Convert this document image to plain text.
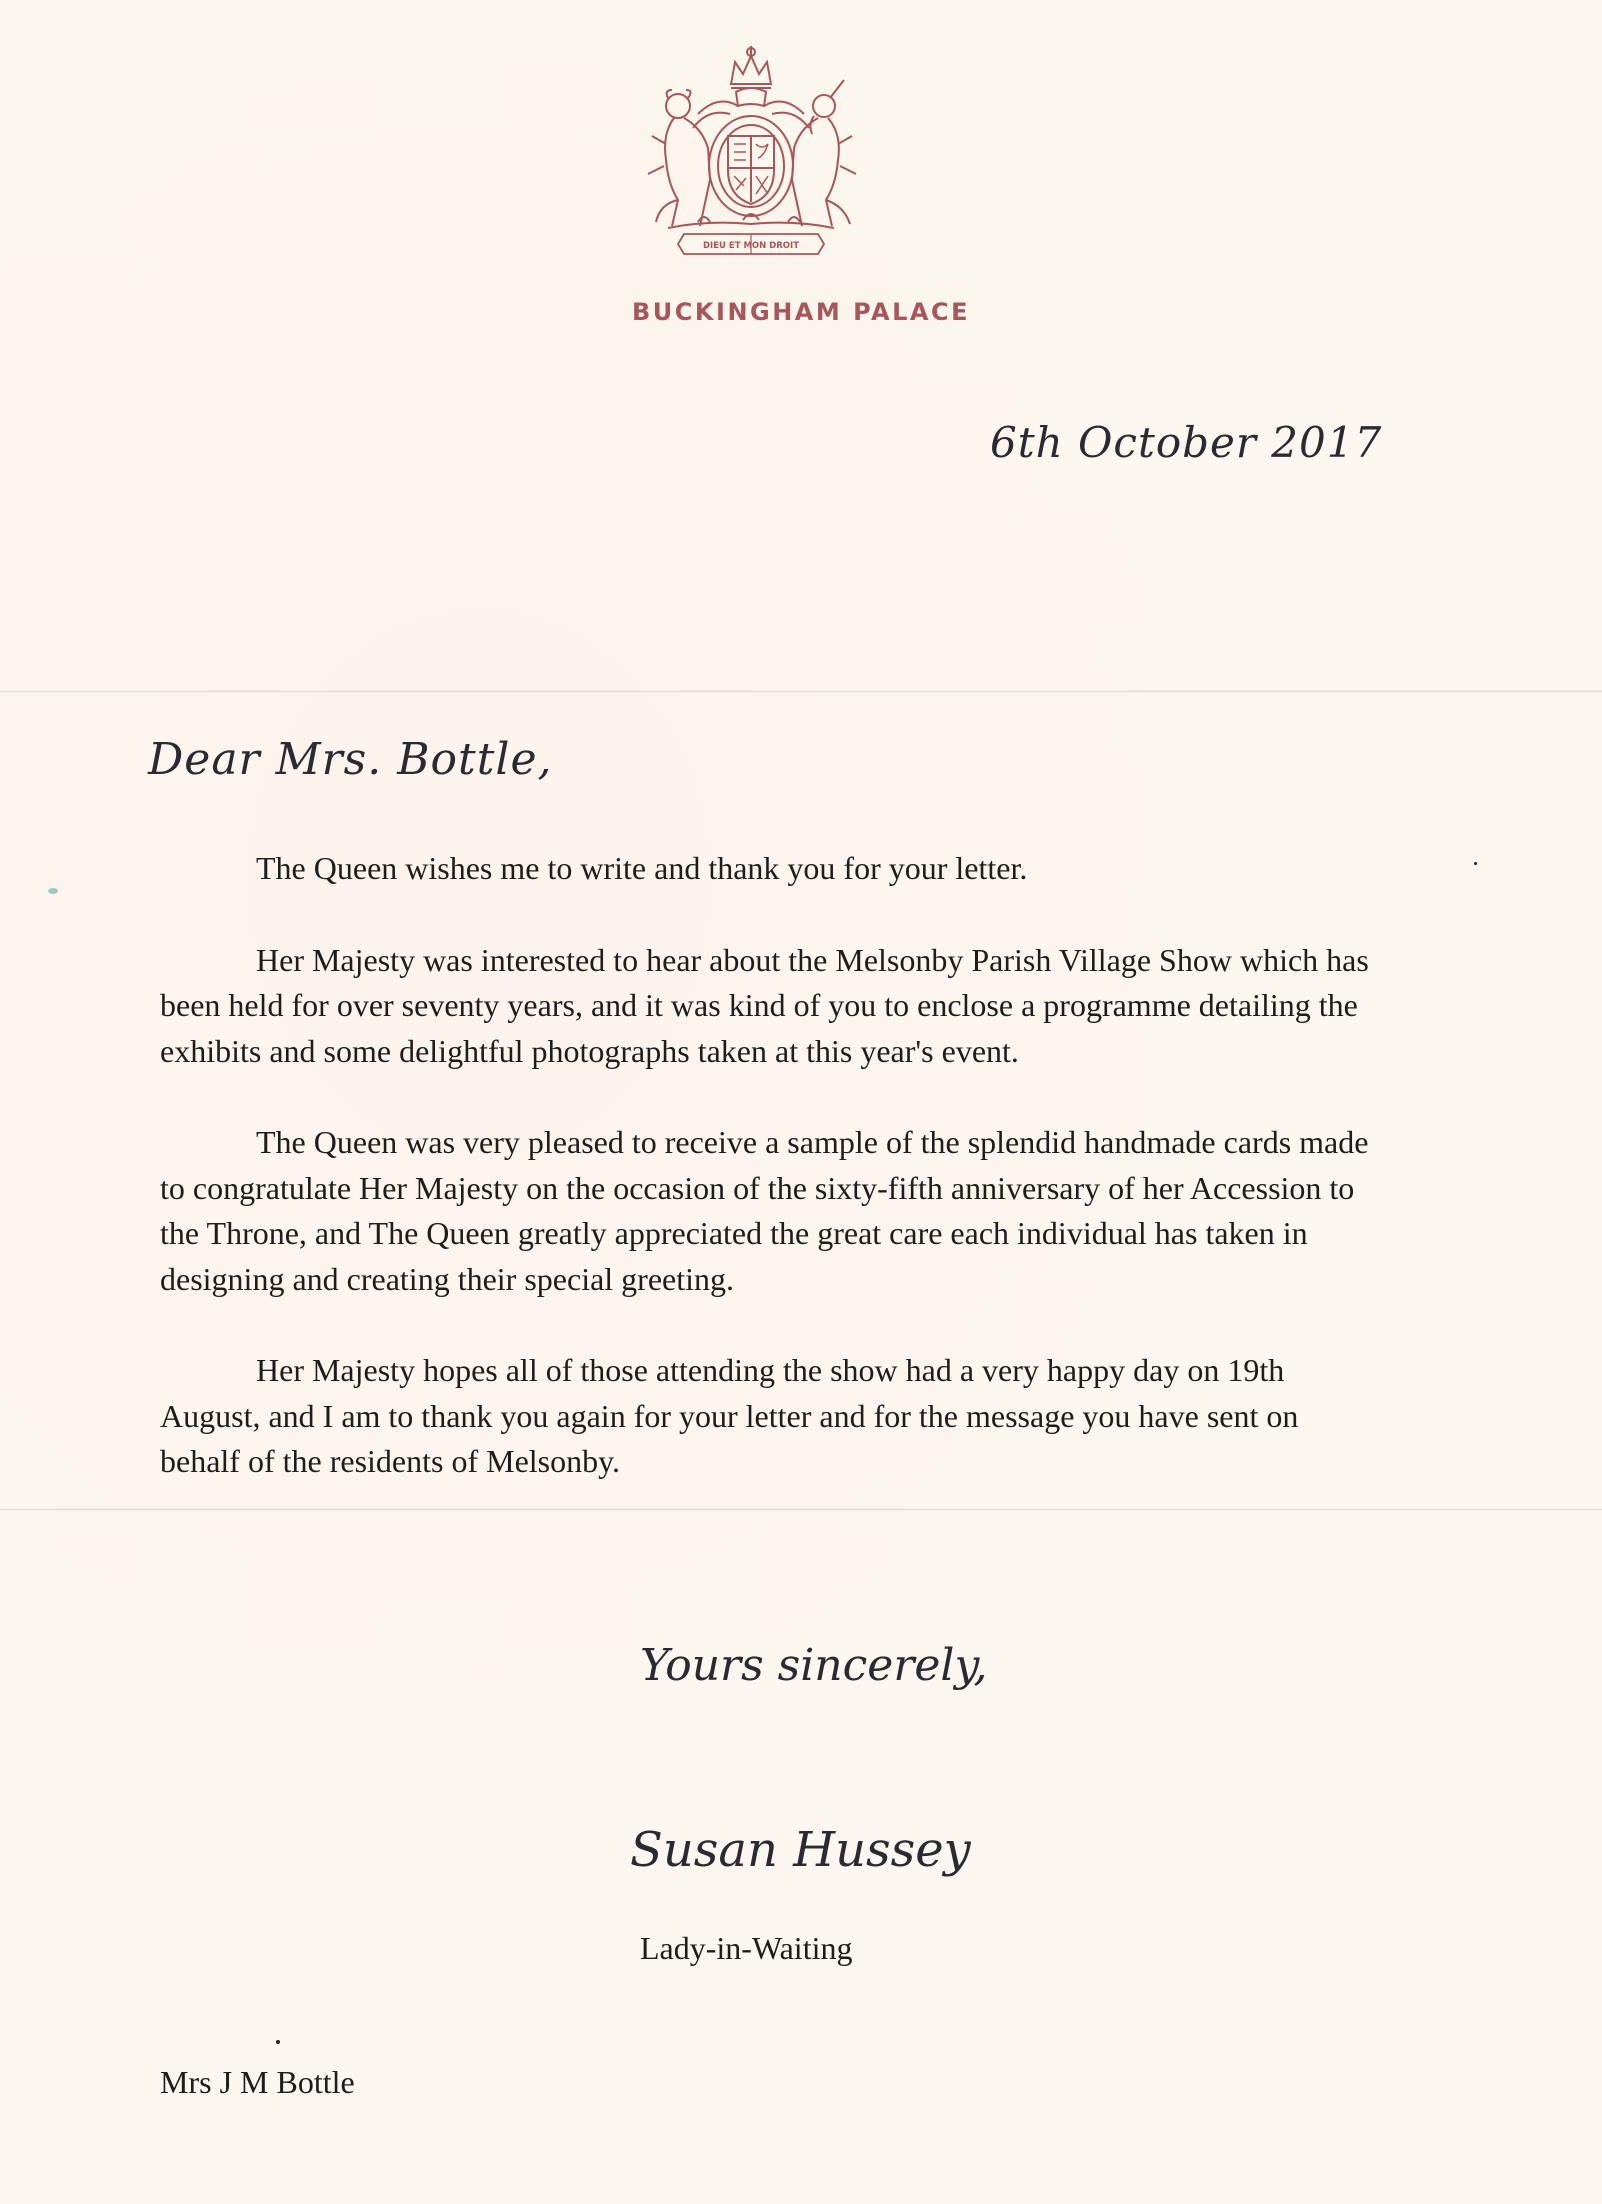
DIEU ET MON DROIT
BUCKINGHAM PALACE
6th October 2017
Dear Mrs. Bottle,

The Queen wishes me to write and thank you for your letter.

Her Majesty was interested to hear about the Melsonby Parish Village Show which has been held for over seventy years, and it was kind of you to enclose a programme detailing the exhibits and some delightful photographs taken at this year's event.

The Queen was very pleased to receive a sample of the splendid handmade cards made to congratulate Her Majesty on the occasion of the sixty-fifth anniversary of her Accession to the Throne, and The Queen greatly appreciated the great care each individual has taken in designing and creating their special greeting.

Her Majesty hopes all of those attending the show had a very happy day on 19th August, and I am to thank you again for your letter and for the message you have sent on behalf of the residents of Melsonby.

Yours sincerely,
Susan Hussey
Lady-in-Waiting
Mrs J M Bottle
